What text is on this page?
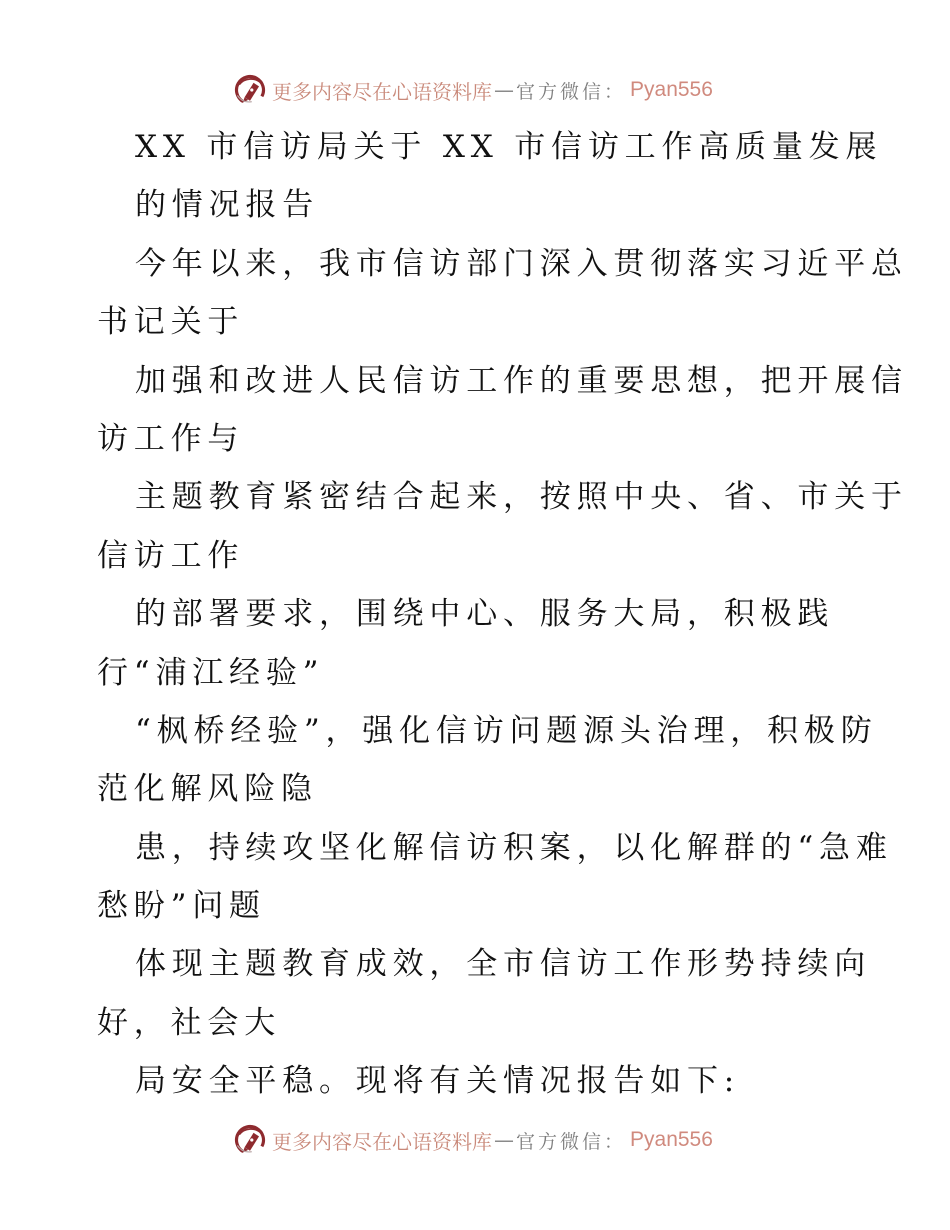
更多内容尽在心语资料库 — 官方微信： Pyan556
XX 市信访局关于 XX 市信访工作高质量发展
的情况报告
今年以来，我市信访部门深入贯彻落实习近平总
书记关于
加强和改进人民信访工作的重要思想，把开展信
访工作与
主题教育紧密结合起来，按照中央、省、市关于
信访工作
的部署要求，围绕中心、服务大局，积极践
行“浦江经验”
“枫桥经验”，强化信访问题源头治理，积极防
范化解风险隐
患，持续攻坚化解信访积案，以化解群的“急难
愁盼”问题
体现主题教育成效，全市信访工作形势持续向
好，社会大
局安全平稳。现将有关情况报告如下:
更多内容尽在心语资料库 — 官方微信： Pyan556
